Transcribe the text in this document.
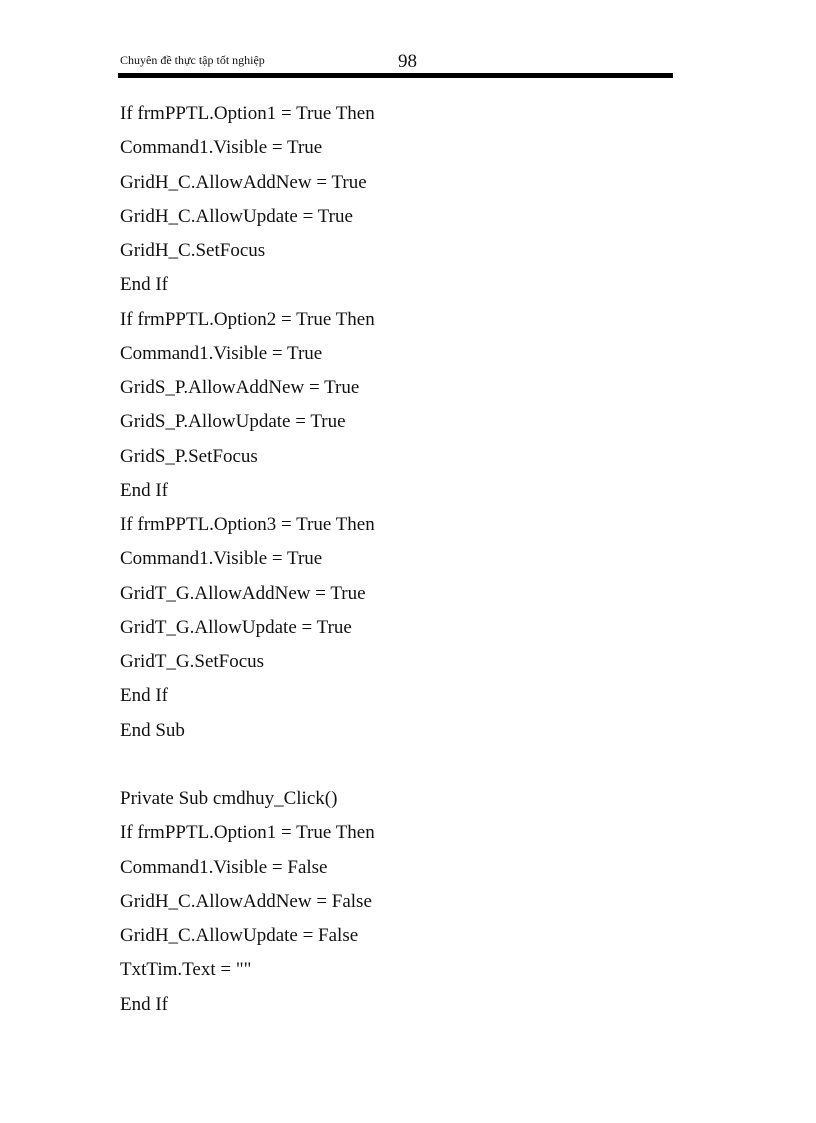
Chuyên đề thực tập tốt nghiệp	98
If frmPPTL.Option1 = True Then
Command1.Visible = True
GridH_C.AllowAddNew = True
GridH_C.AllowUpdate = True
GridH_C.SetFocus
End If
If frmPPTL.Option2 = True Then
Command1.Visible = True
GridS_P.AllowAddNew = True
GridS_P.AllowUpdate = True
GridS_P.SetFocus
End If
If frmPPTL.Option3 = True Then
Command1.Visible = True
GridT_G.AllowAddNew = True
GridT_G.AllowUpdate = True
GridT_G.SetFocus
End If
End Sub
Private Sub cmdhuy_Click()
If frmPPTL.Option1 = True Then
Command1.Visible = False
GridH_C.AllowAddNew = False
GridH_C.AllowUpdate = False
TxtTim.Text = ""
End If
